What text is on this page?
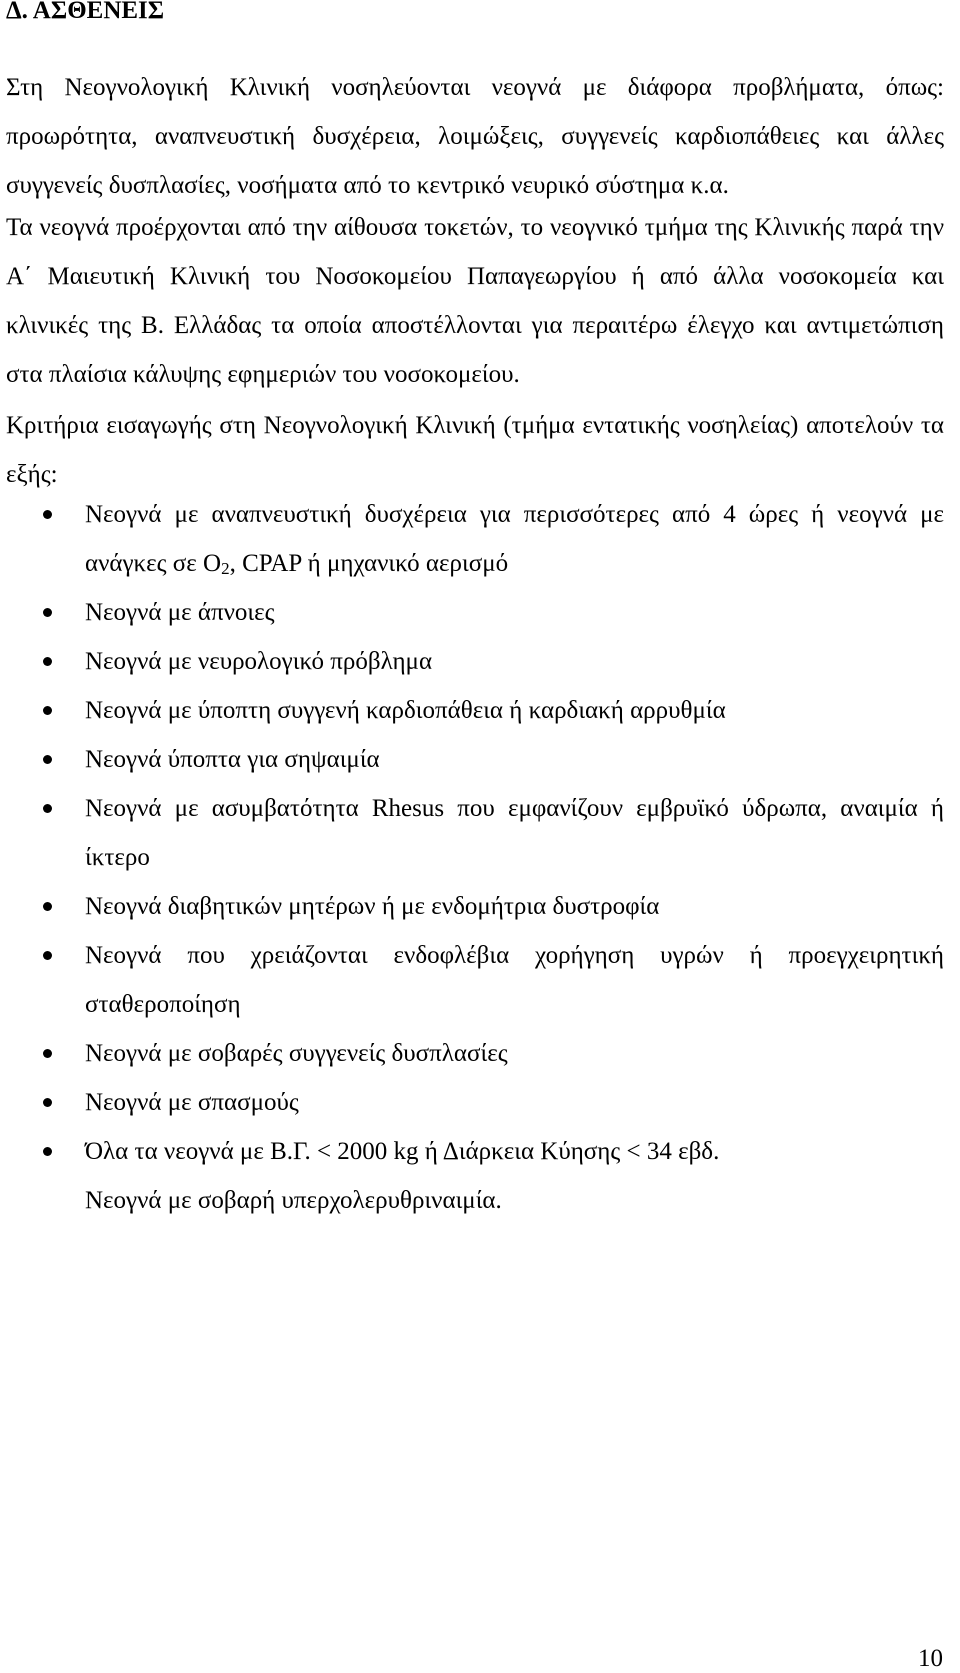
Δ. ΑΣΘΕΝΕΙΣ
Στη Νεογνολογική Κλινική νοσηλεύονται νεογνά με διάφορα προβλήματα, όπως: προωρότητα, αναπνευστική δυσχέρεια, λοιμώξεις, συγγενείς καρδιοπάθειες και άλλες συγγενείς δυσπλασίες, νοσήματα από το κεντρικό νευρικό σύστημα κ.α.
Τα νεογνά προέρχονται από την αίθουσα τοκετών, το νεογνικό τμήμα της Κλινικής παρά την Α΄ Μαιευτική Κλινική του Νοσοκομείου Παπαγεωργίου ή από άλλα νοσοκομεία και κλινικές της Β. Ελλάδας τα οποία αποστέλλονται για περαιτέρω έλεγχο και αντιμετώπιση στα πλαίσια κάλυψης εφημεριών του νοσοκομείου.
Κριτήρια εισαγωγής στη Νεογνολογική Κλινική (τμήμα εντατικής νοσηλείας) αποτελούν τα εξής:
Νεογνά με αναπνευστική δυσχέρεια για περισσότερες από 4 ώρες ή νεογνά με ανάγκες σε $O_2$, CPAP ή μηχανικό αερισμό
Νεογνά με άπνοιες
Νεογνά με νευρολογικό πρόβλημα
Νεογνά με ύποπτη συγγενή καρδιοπάθεια ή καρδιακή αρρυθμία
Νεογνά ύποπτα για σηψαιμία
Νεογνά με ασυμβατότητα Rhesus που εμφανίζουν εμβρυϊκό ύδρωπα, αναιμία ή ίκτερο
Νεογνά διαβητικών μητέρων ή με ενδομήτρια δυστροφία
Νεογνά που χρειάζονται ενδοφλέβια χορήγηση υγρών ή προεγχειρητική σταθεροποίηση
Νεογνά με σοβαρές συγγενείς δυσπλασίες
Νεογνά με σπασμούς
Όλα τα νεογνά με Β.Γ. < 2000 kg ή Διάρκεια Κύησης < 34 εβδ.
Νεογνά με σοβαρή υπερχολερυθριναιμία.
10
